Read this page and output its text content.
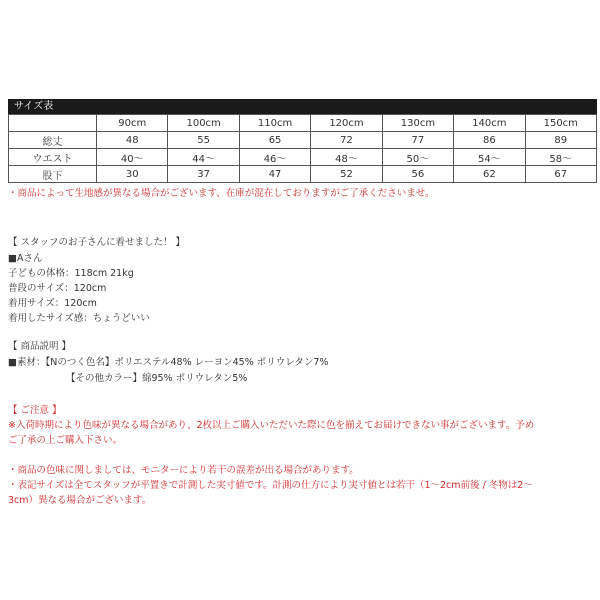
サイズ表
	90cm	100cm	110cm	120cm	130cm	140cm	150cm
総丈	48	55	65	72	77	86	89
ウエスト	40～	44～	46～	48～	50～	54～	58～
股下	30	37	47	52	56	62	67
・商品によって生地感が異なる場合がございます、在庫が混在しておりますがご了承くださいませ。
【 スタッフのお子さんに着せました！ 】
■Aさん
子どもの体格：118cm 21kg
普段のサイズ：120cm
着用サイズ：120cm
着用したサイズ感：ちょうどいい
【 商品説明 】
■素材：【Nのつく色名】ポリエステル48% レーヨン45% ポリウレタン7%
【その他カラー】綿95% ポリウレタン5%
【 ご注意 】
※入荷時期により色味が異なる場合があり、2枚以上ご購入いただいた際に色を揃えてお届けできない事がございます。予め
ご了承の上ご購入下さい。
・商品の色味に関しましては、モニターにより若干の誤差が出る場合があります。
・表記サイズは全てスタッフが平置きで計測した実寸値です。計測の仕方により実寸値とは若干（1～2cm前後 / 冬物は2～
3cm）異なる場合がございます。
